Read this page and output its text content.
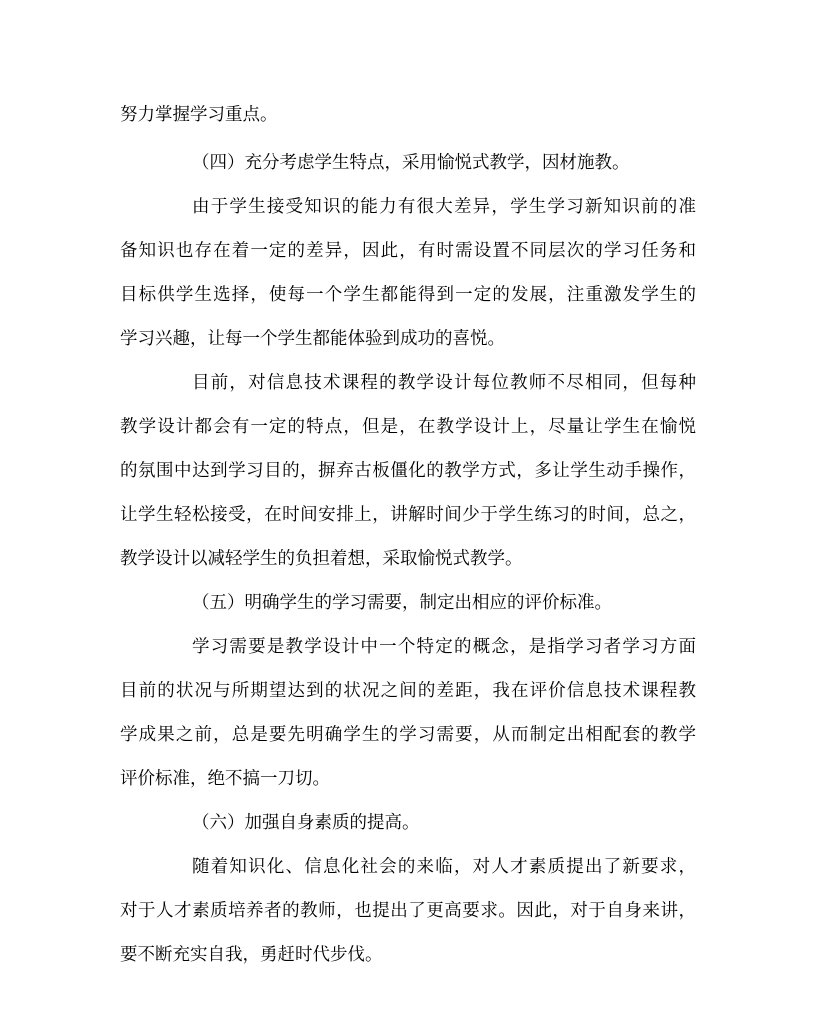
努力掌握学习重点。
（四）充分考虑学生特点，采用愉悦式教学，因材施教。
由于学生接受知识的能力有很大差异，学生学习新知识前的准
备知识也存在着一定的差异，因此，有时需设置不同层次的学习任务和
目标供学生选择，使每一个学生都能得到一定的发展，注重激发学生的
学习兴趣，让每一个学生都能体验到成功的喜悦。
目前，对信息技术课程的教学设计每位教师不尽相同，但每种
教学设计都会有一定的特点，但是，在教学设计上，尽量让学生在愉悦
的氛围中达到学习目的，摒弃古板僵化的教学方式，多让学生动手操作，
让学生轻松接受，在时间安排上，讲解时间少于学生练习的时间，总之，
教学设计以减轻学生的负担着想，采取愉悦式教学。
（五）明确学生的学习需要，制定出相应的评价标准。
学习需要是教学设计中一个特定的概念，是指学习者学习方面
目前的状况与所期望达到的状况之间的差距，我在评价信息技术课程教
学成果之前，总是要先明确学生的学习需要，从而制定出相配套的教学
评价标准，绝不搞一刀切。
（六）加强自身素质的提高。
随着知识化、信息化社会的来临，对人才素质提出了新要求，
对于人才素质培养者的教师，也提出了更高要求。因此，对于自身来讲，
要不断充实自我，勇赶时代步伐。
